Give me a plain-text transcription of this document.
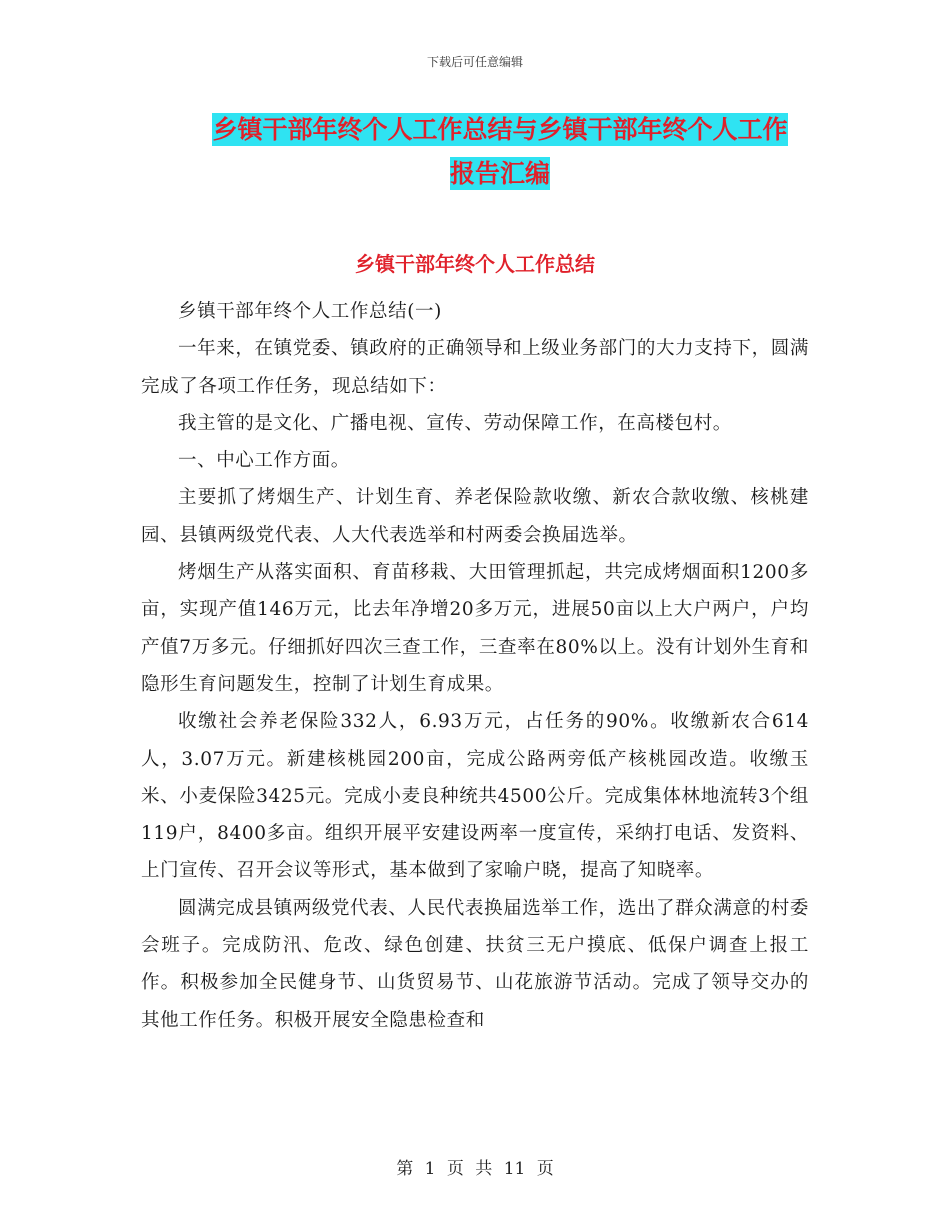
下载后可任意编辑
乡镇干部年终个人工作总结与乡镇干部年终个人工作
报告汇编
乡镇干部年终个人工作总结

乡镇干部年终个人工作总结(一)

一年来，在镇党委、镇政府的正确领导和上级业务部门的大力支持下，圆满完成了各项工作任务，现总结如下：

我主管的是文化、广播电视、宣传、劳动保障工作，在高楼包村。

一、中心工作方面。

主要抓了烤烟生产、计划生育、养老保险款收缴、新农合款收缴、核桃建园、县镇两级党代表、人大代表选举和村两委会换届选举。

烤烟生产从落实面积、育苗移栽、大田管理抓起，共完成烤烟面积1200多亩，实现产值146万元，比去年净增20多万元，进展50亩以上大户两户，户均产值7万多元。仔细抓好四次三查工作，三查率在80%以上。没有计划外生育和隐形生育问题发生，控制了计划生育成果。

收缴社会养老保险332人，6.93万元，占任务的90%。收缴新农合614人，3.07万元。新建核桃园200亩，完成公路两旁低产核桃园改造。收缴玉米、小麦保险3425元。完成小麦良种统共4500公斤。完成集体林地流转3个组119户，8400多亩。组织开展平安建设两率一度宣传，采纳打电话、发资料、上门宣传、召开会议等形式，基本做到了家喻户晓，提高了知晓率。

圆满完成县镇两级党代表、人民代表换届选举工作，选出了群众满意的村委会班子。完成防汛、危改、绿色创建、扶贫三无户摸底、低保户调查上报工作。积极参加全民健身节、山货贸易节、山花旅游节活动。完成了领导交办的其他工作任务。积极开展安全隐患检查和

第 1 页 共 11 页
